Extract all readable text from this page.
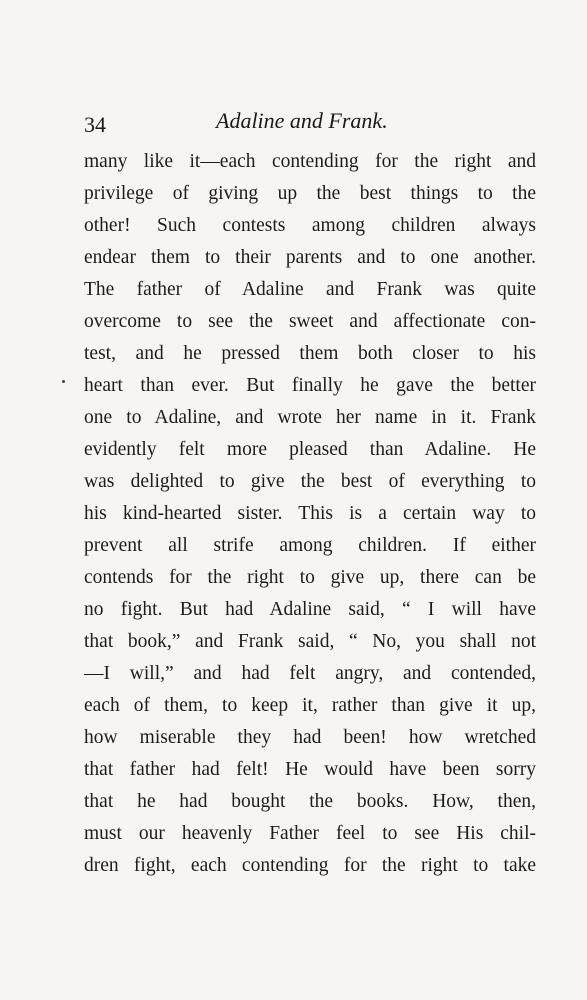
34	Adaline and Frank.
many like it—each contending for the right and
privilege of giving up the best things to the
other! Such contests among children always
endear them to their parents and to one another.
The father of Adaline and Frank was quite
overcome to see the sweet and affectionate con-
test, and he pressed them both closer to his
heart than ever. But finally he gave the better
one to Adaline, and wrote her name in it. Frank
evidently felt more pleased than Adaline. He
was delighted to give the best of everything to
his kind-hearted sister. This is a certain way to
prevent all strife among children. If either
contends for the right to give up, there can be
no fight. But had Adaline said, “ I will have
that book,” and Frank said, “ No, you shall not
—I will,” and had felt angry, and contended,
each of them, to keep it, rather than give it up,
how miserable they had been! how wretched
that father had felt! He would have been sorry
that he had bought the books. How, then,
must our heavenly Father feel to see His chil-
dren fight, each contending for the right to take
